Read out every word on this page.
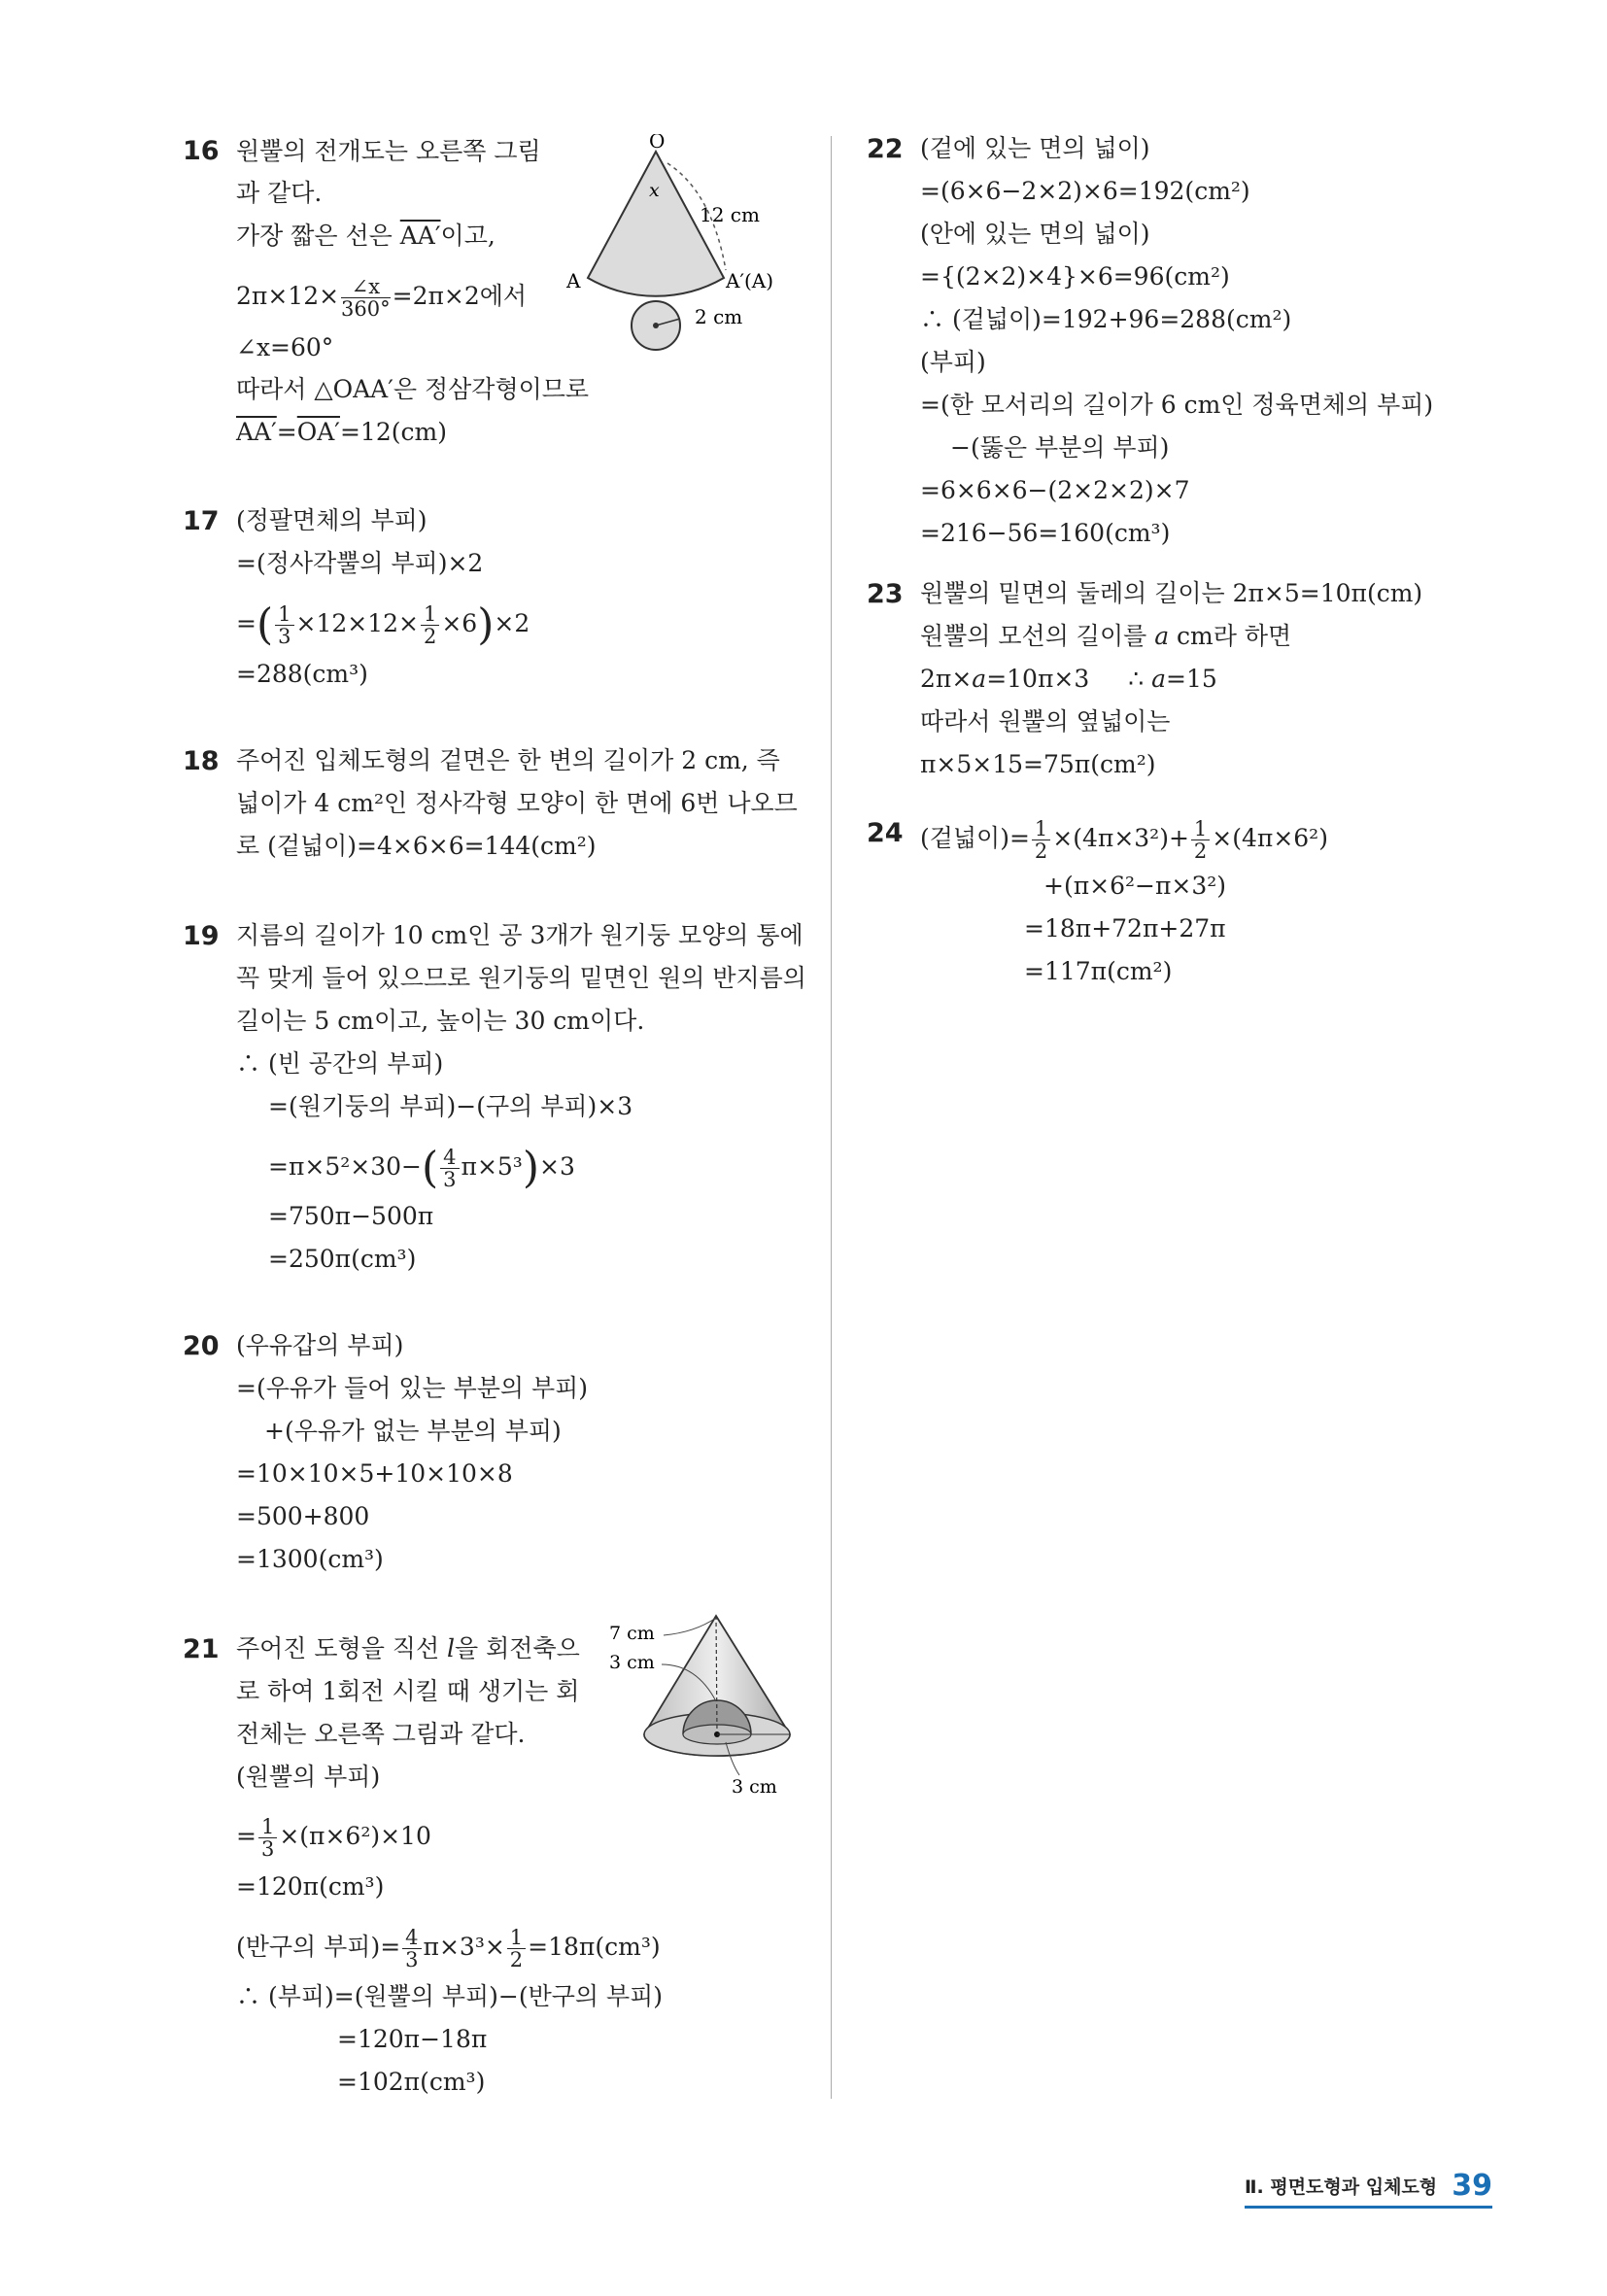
16 원뿔의 전개도는 오른쪽 그림
과 같다.
가장 짧은 선은 AA′이고,
$2\pi\times 12\times \frac{\angle x}{360^\circ} =2\pi\times 2$에서
∠x=60°
따라서 △OAA′은 정삼각형이므로
AA′=OA′=12(cm)
O
x
12 cm
A	A′(A)
2 cm
17 (정팔면체의 부피)
=(정사각뿔의 부피)×2
=( $\frac{1}{3} \times 12\times 12\times \frac{1}{2} \times 6)\times 2$
=288(cm³)
18 주어진 입체도형의 겉면은 한 변의 길이가 2 cm, 즉
넓이가 4 cm²인 정사각형 모양이 한 면에 6번 나오므
로 (겉넓이)=4×6×6=144(cm²)
19 지름의 길이가 10 cm인 공 3개가 원기둥 모양의 통에
꼭 맞게 들어 있으므로 원기둥의 밑면인 원의 반지름의
길이는 5 cm이고, 높이는 30 cm이다.
∴ (빈 공간의 부피)
=(원기둥의 부피)−(구의 부피)×3
$=\pi\times 5^2\times 30-( \frac{4}{3} \pi\times 5^3)\times 3$
=750π−500π
=250π(cm³)
20 (우유갑의 부피)
=(우유가 들어 있는 부분의 부피)
+(우유가 없는 부분의 부피)
=10×10×5+10×10×8
=500+800
=1300(cm³)
21 주어진 도형을 직선 l을 회전축으
로 하여 1회전 시킬 때 생기는 회
전체는 오른쪽 그림과 같다.
(원뿔의 부피)
= $\frac{1}{3} \times(\pi\times 6^2)\times 10$
=120π(cm³)
(반구의 부피)= $\frac{4}{3} \pi\times 3^3\times \frac{1}{2} =18\pi(cm^3)$
∴ (부피)=(원뿔의 부피)−(반구의 부피)
=120π−18π
=102π(cm³)
7 cm
3 cm
3 cm
22 (겉에 있는 면의 넓이)
=(6×6−2×2)×6=192(cm²)
(안에 있는 면의 넓이)
={(2×2)×4}×6=96(cm²)
∴ (겉넓이)=192+96=288(cm²)
(부피)
=(한 모서리의 길이가 6 cm인 정육면체의 부피)
−(뚫은 부분의 부피)
=6×6×6−(2×2×2)×7
=216−56=160(cm³)
23 원뿔의 밑면의 둘레의 길이는 2π×5=10π(cm)
원뿔의 모선의 길이를 a cm라 하면
2π×a=10π×3 ∴ a=15
따라서 원뿔의 옆넓이는
π×5×15=75π(cm²)
24 (겉넓이)= $\frac{1}{2} \times(4\pi\times 3^2)+ \frac{1}{2} \times(4\pi\times 6^2)$
+(π×6²−π×3²)
=18π+72π+27π
=117π(cm²)
Ⅱ. 평면도형과 입체도형 39
